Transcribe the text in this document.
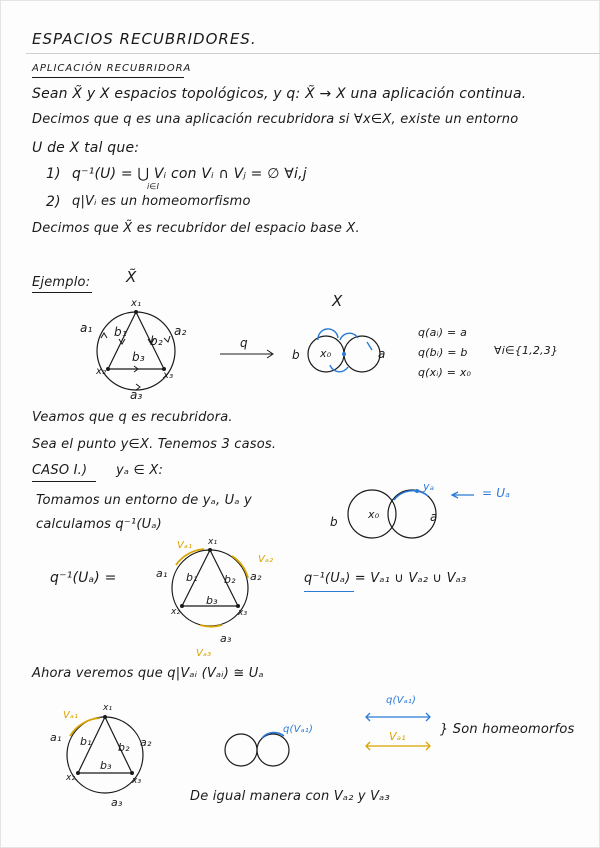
ESPACIOS RECUBRIDORES.
APLICACIÓN RECUBRIDORA
Sean X̃ y X espacios topológicos, y q: X̃ → X una aplicación continua.
Decimos que q es una aplicación recubridora si ∀x∈X, existe un entorno
U de X tal que:
1) q⁻¹(U) = ⋃ Vᵢ con Vᵢ ∩ Vⱼ = ∅ ∀i,j
i∈I
2) q|Vᵢ es un homeomorfismo
Decimos que X̃ es recubridor del espacio base X.
Ejemplo: X̃
X
a₁	a₂
a₃
b₁
b₂
b₃
x₁
x₂	x₃
q
b	a
x₀
q(aᵢ) = a
q(bᵢ) = b
q(xᵢ) = x₀
∀i∈{1,2,3}
Veamos que q es recubridora.
Sea el punto y∈X. Tenemos 3 casos.
CASO I.) yₐ ∈ X:
Tomamos un entorno de yₐ, Uₐ y
calculamos q⁻¹(Uₐ)
yₐ	= Uₐ
b
x₀	a
q⁻¹(Uₐ) =
Vₐ₁
Vₐ₂
Vₐ₃
a₁	a₂
a₃
b₁ b₂
b₃
x₁
x₂	x₃
q⁻¹(Uₐ) = Vₐ₁ ∪ Vₐ₂ ∪ Vₐ₃
Ahora veremos que q|Vₐᵢ (Vₐᵢ) ≅ Uₐ
Vₐ₁
a₁	a₂
a₃
b₁ b₂
b₃
x₁
x₂	x₃
q(Vₐ₁)
q(Vₐ₁)
Vₐ₁	} Son homeomorfos
De igual manera con Vₐ₂ y Vₐ₃
